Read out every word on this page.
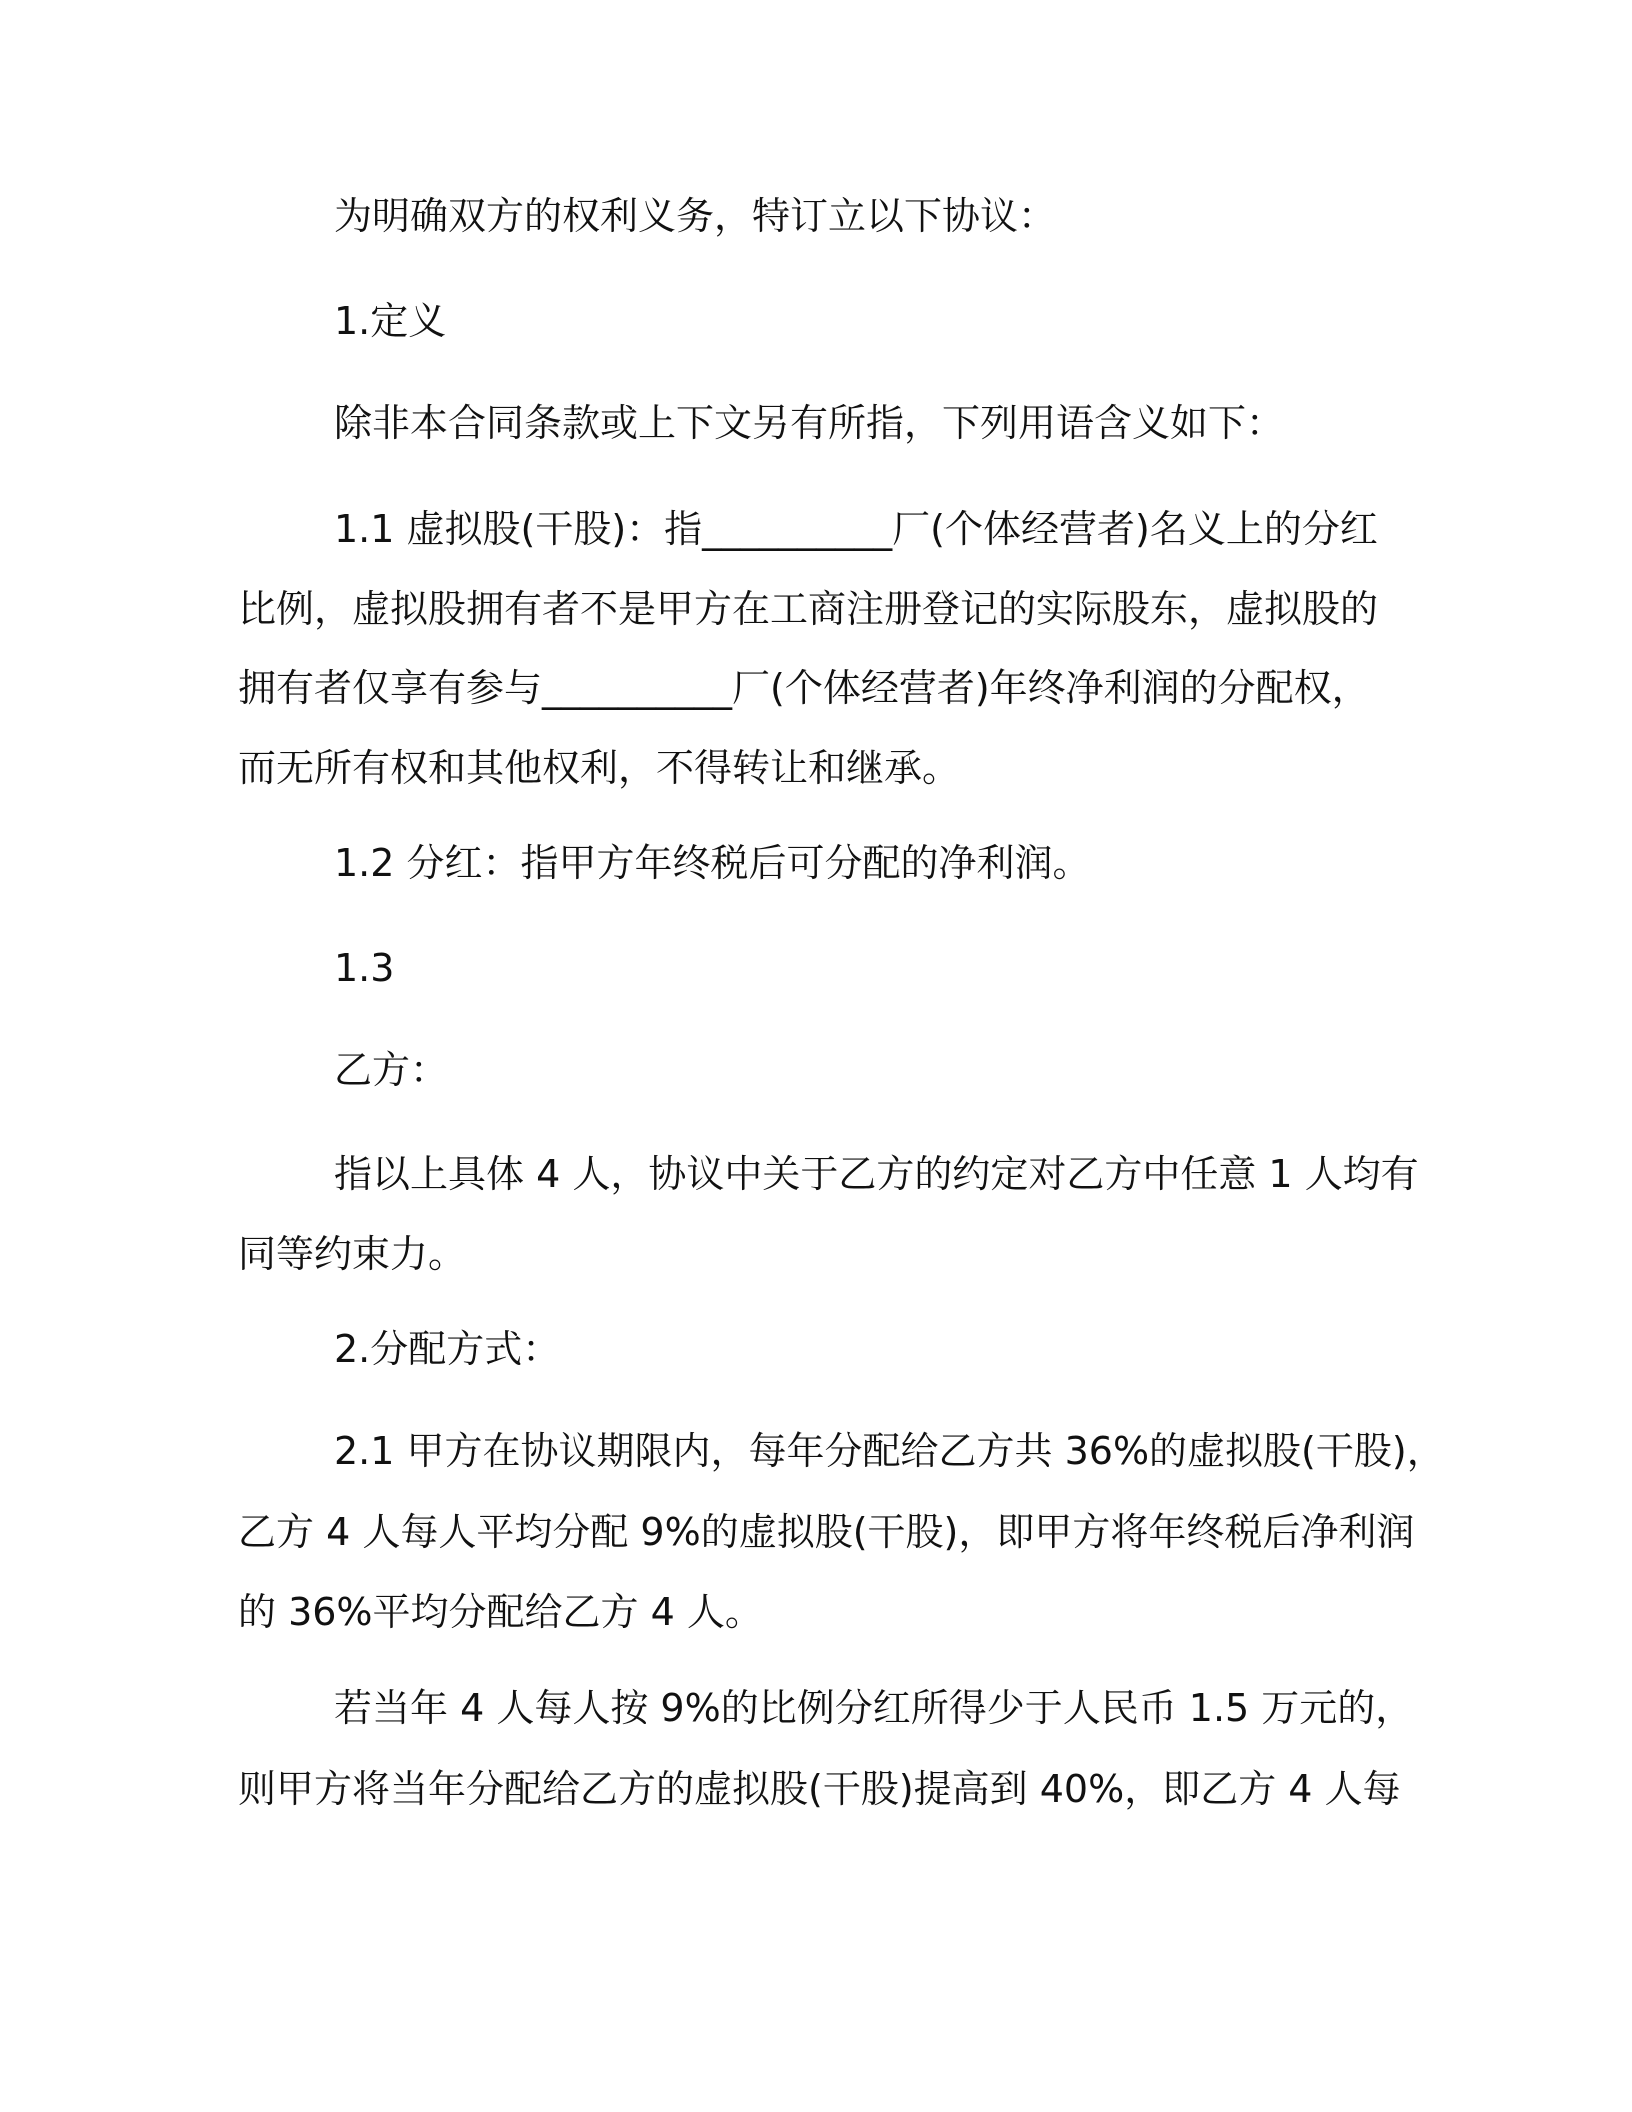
为明确双方的权利义务，特订立以下协议：
1.定义
除非本合同条款或上下文另有所指，下列用语含义如下：
1.1 虚拟股(干股)：指__________厂(个体经营者)名义上的分红
比例，虚拟股拥有者不是甲方在工商注册登记的实际股东，虚拟股的
拥有者仅享有参与__________厂(个体经营者)年终净利润的分配权，
而无所有权和其他权利，不得转让和继承。
1.2 分红：指甲方年终税后可分配的净利润。
1.3
乙方：
指以上具体 4 人，协议中关于乙方的约定对乙方中任意 1 人均有
同等约束力。
2.分配方式：
2.1 甲方在协议期限内，每年分配给乙方共 36%的虚拟股(干股)，
乙方 4 人每人平均分配 9%的虚拟股(干股)，即甲方将年终税后净利润
的 36%平均分配给乙方 4 人。
若当年 4 人每人按 9%的比例分红所得少于人民币 1.5 万元的，
则甲方将当年分配给乙方的虚拟股(干股)提高到 40%，即乙方 4 人每
